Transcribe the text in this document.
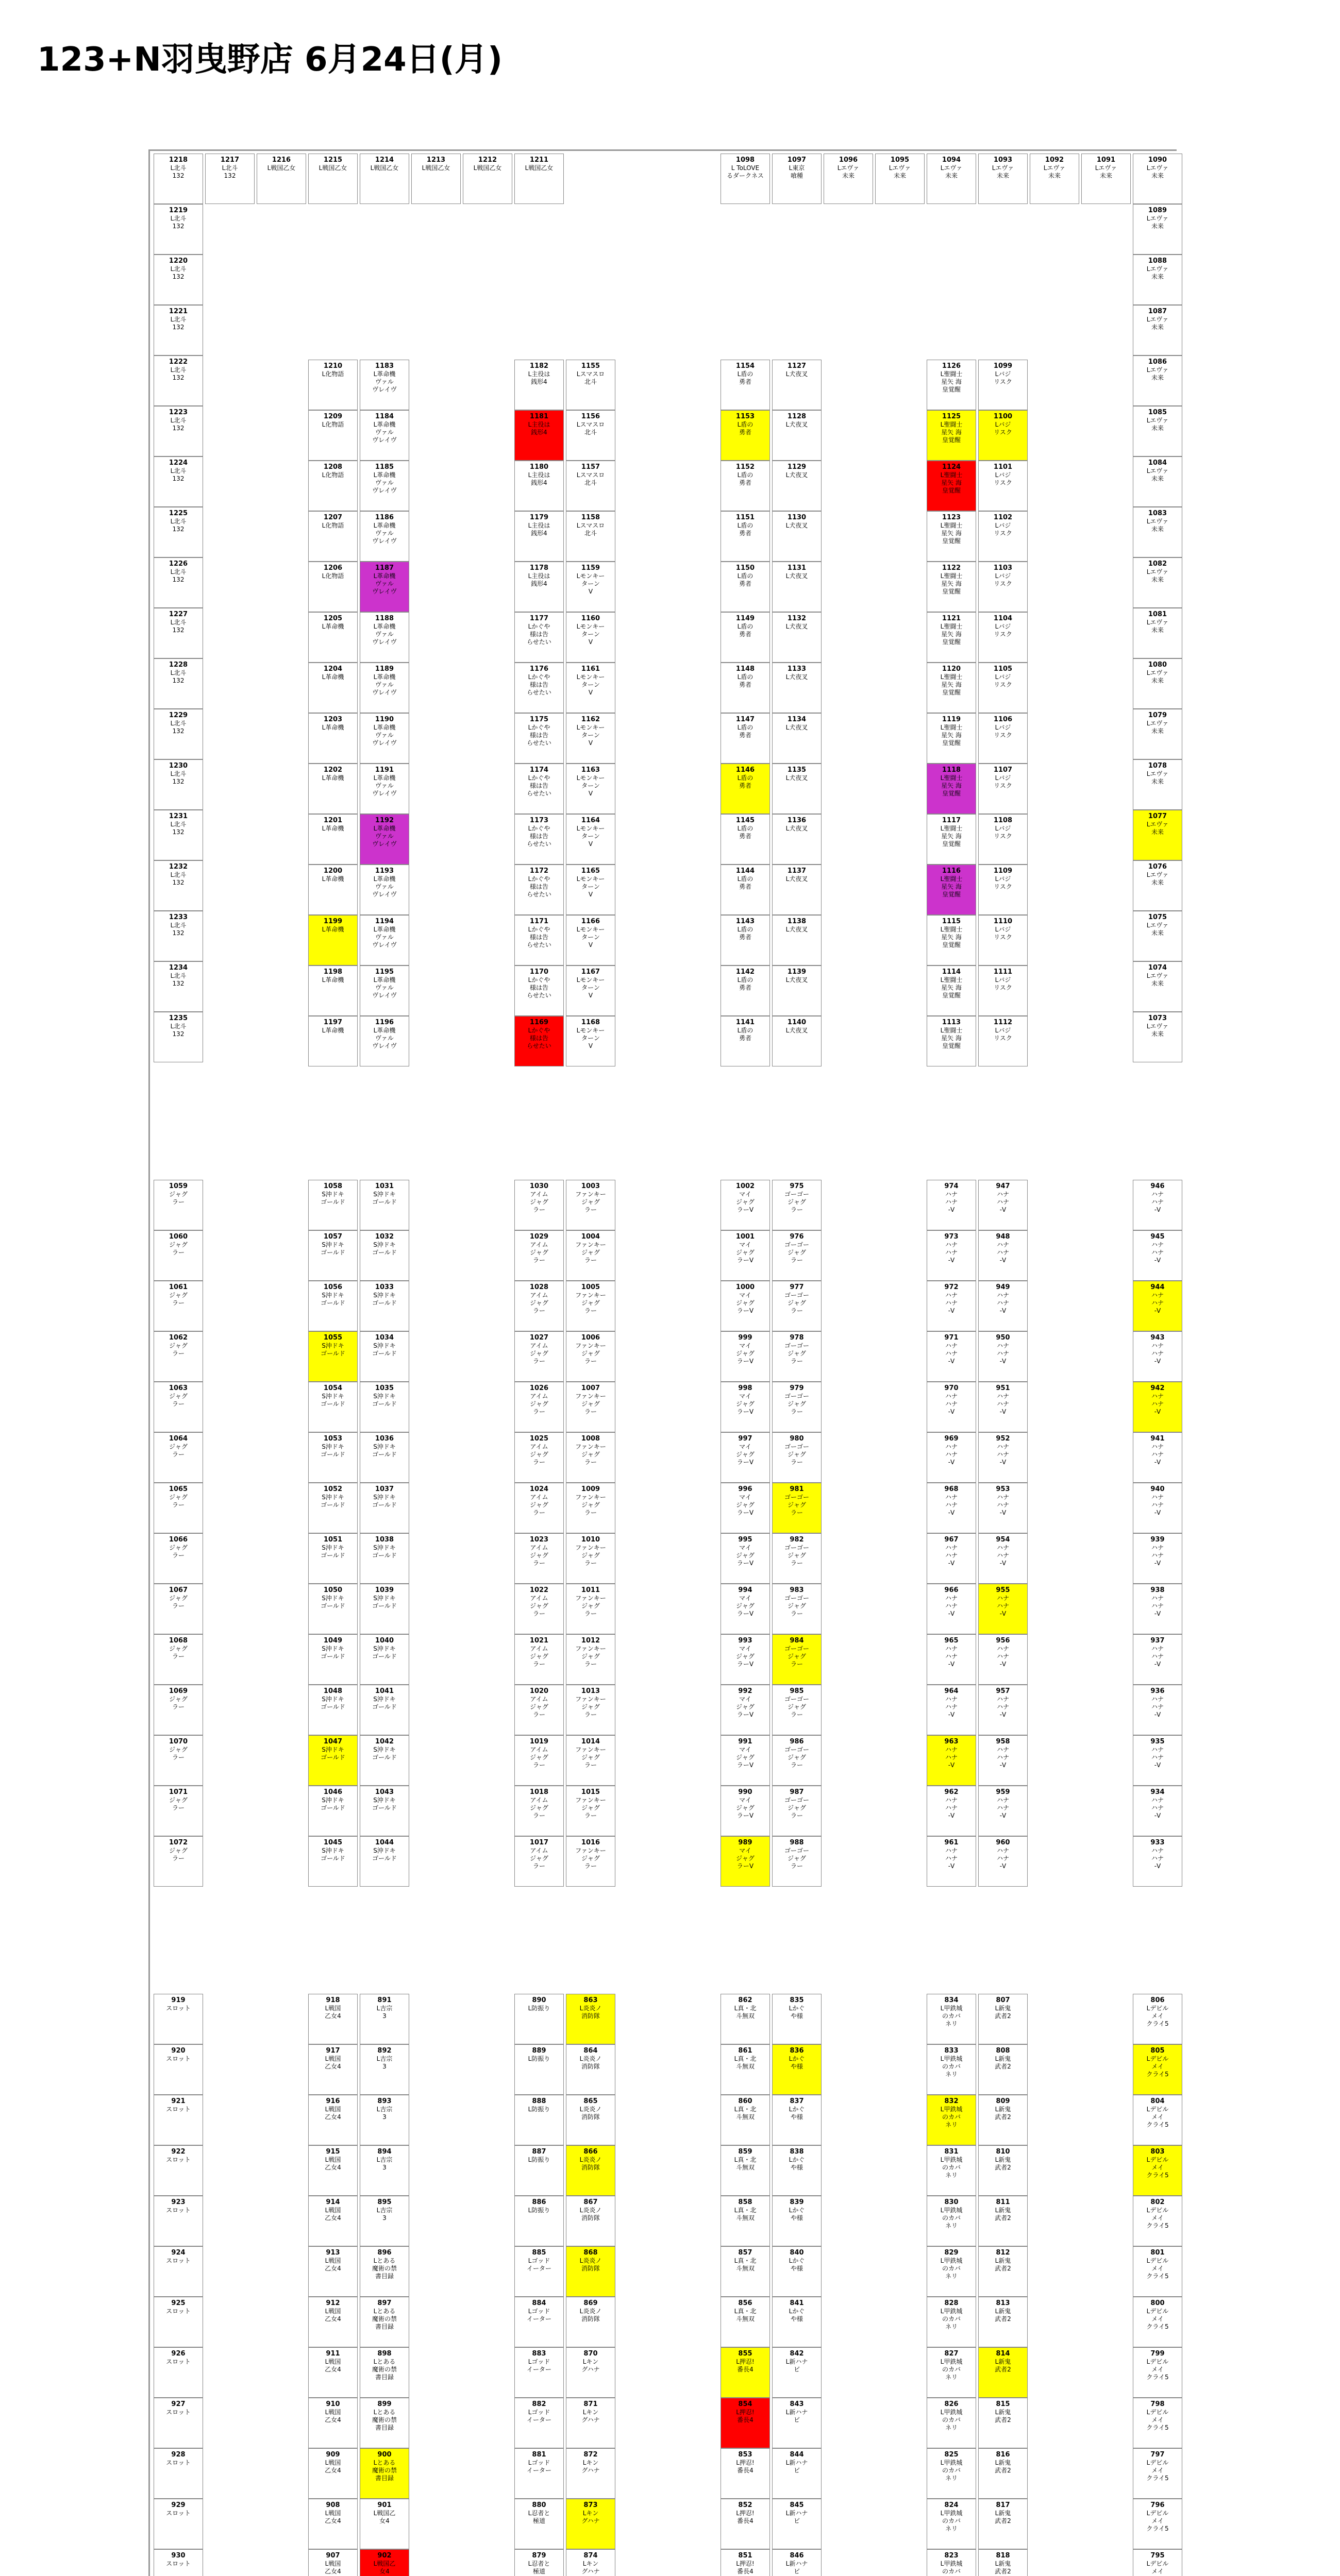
123+N羽曳野店 6月24日(月)
1218
L北斗
132
1219
L北斗
132
1220
L北斗
132
1221
L北斗
132
1222
L北斗
132
1223
L北斗
132
1224
L北斗
132
1225
L北斗
132
1226
L北斗
132
1227
L北斗
132
1228
L北斗
132
1229
L北斗
132
1230
L北斗
132
1231
L北斗
132
1232
L北斗
132
1233
L北斗
132
1234
L北斗
132
1235
L北斗
132
1217
L北斗
132
1216
L戦国乙女
1215
L戦国乙女
1210
L化物語
1209
L化物語
1208
L化物語
1207
L化物語
1206
L化物語
1205
L革命機
1204
L革命機
1203
L革命機
1202
L革命機
1201
L革命機
1200
L革命機
1199
L革命機
1198
L革命機
1197
L革命機
1214
L戦国乙女
1183
L革命機
ヴァル
ヴレイヴ
1184
L革命機
ヴァル
ヴレイヴ
1185
L革命機
ヴァル
ヴレイヴ
1186
L革命機
ヴァル
ヴレイヴ
1187
L革命機
ヴァル
ヴレイヴ
1188
L革命機
ヴァル
ヴレイヴ
1189
L革命機
ヴァル
ヴレイヴ
1190
L革命機
ヴァル
ヴレイヴ
1191
L革命機
ヴァル
ヴレイヴ
1192
L革命機
ヴァル
ヴレイヴ
1193
L革命機
ヴァル
ヴレイヴ
1194
L革命機
ヴァル
ヴレイヴ
1195
L革命機
ヴァル
ヴレイヴ
1196
L革命機
ヴァル
ヴレイヴ
1213
L戦国乙女
1212
L戦国乙女
1211
L戦国乙女
1182
L主役は
銭形4
1181
L主役は
銭形4
1180
L主役は
銭形4
1179
L主役は
銭形4
1178
L主役は
銭形4
1177
Lかぐや
様は告
らせたい
1176
Lかぐや
様は告
らせたい
1175
Lかぐや
様は告
らせたい
1174
Lかぐや
様は告
らせたい
1173
Lかぐや
様は告
らせたい
1172
Lかぐや
様は告
らせたい
1171
Lかぐや
様は告
らせたい
1170
Lかぐや
様は告
らせたい
1169
Lかぐや
様は告
らせたい
1155
Lスマスロ
北斗
1156
Lスマスロ
北斗
1157
Lスマスロ
北斗
1158
Lスマスロ
北斗
1159
Lモンキー
ターン
V
1160
Lモンキー
ターン
V
1161
Lモンキー
ターン
V
1162
Lモンキー
ターン
V
1163
Lモンキー
ターン
V
1164
Lモンキー
ターン
V
1165
Lモンキー
ターン
V
1166
Lモンキー
ターン
V
1167
Lモンキー
ターン
V
1168
Lモンキー
ターン
V
1098
L ToLOVE
るダークネス
1154
L盾の
勇者
1153
L盾の
勇者
1152
L盾の
勇者
1151
L盾の
勇者
1150
L盾の
勇者
1149
L盾の
勇者
1148
L盾の
勇者
1147
L盾の
勇者
1146
L盾の
勇者
1145
L盾の
勇者
1144
L盾の
勇者
1143
L盾の
勇者
1142
L盾の
勇者
1141
L盾の
勇者
1097
L東京
喰種
1127
L犬夜叉
1128
L犬夜叉
1129
L犬夜叉
1130
L犬夜叉
1131
L犬夜叉
1132
L犬夜叉
1133
L犬夜叉
1134
L犬夜叉
1135
L犬夜叉
1136
L犬夜叉
1137
L犬夜叉
1138
L犬夜叉
1139
L犬夜叉
1140
L犬夜叉
1096
Lエヴァ
未来
1095
Lエヴァ
未来
1094
Lエヴァ
未来
1126
L聖闘士
星矢 海
皇覚醒
1125
L聖闘士
星矢 海
皇覚醒
1124
L聖闘士
星矢 海
皇覚醒
1123
L聖闘士
星矢 海
皇覚醒
1122
L聖闘士
星矢 海
皇覚醒
1121
L聖闘士
星矢 海
皇覚醒
1120
L聖闘士
星矢 海
皇覚醒
1119
L聖闘士
星矢 海
皇覚醒
1118
L聖闘士
星矢 海
皇覚醒
1117
L聖闘士
星矢 海
皇覚醒
1116
L聖闘士
星矢 海
皇覚醒
1115
L聖闘士
星矢 海
皇覚醒
1114
L聖闘士
星矢 海
皇覚醒
1113
L聖闘士
星矢 海
皇覚醒
1093
Lエヴァ
未来
1099
Lバジ
リスク
1100
Lバジ
リスク
1101
Lバジ
リスク
1102
Lバジ
リスク
1103
Lバジ
リスク
1104
Lバジ
リスク
1105
Lバジ
リスク
1106
Lバジ
リスク
1107
Lバジ
リスク
1108
Lバジ
リスク
1109
Lバジ
リスク
1110
Lバジ
リスク
1111
Lバジ
リスク
1112
Lバジ
リスク
1092
Lエヴァ
未来
1091
Lエヴァ
未来
1090
Lエヴァ
未来
1089
Lエヴァ
未来
1088
Lエヴァ
未来
1087
Lエヴァ
未来
1086
Lエヴァ
未来
1085
Lエヴァ
未来
1084
Lエヴァ
未来
1083
Lエヴァ
未来
1082
Lエヴァ
未来
1081
Lエヴァ
未来
1080
Lエヴァ
未来
1079
Lエヴァ
未来
1078
Lエヴァ
未来
1077
Lエヴァ
未来
1076
Lエヴァ
未来
1075
Lエヴァ
未来
1074
Lエヴァ
未来
1073
Lエヴァ
未来
1059
ジャグ
ラー
1060
ジャグ
ラー
1061
ジャグ
ラー
1062
ジャグ
ラー
1063
ジャグ
ラー
1064
ジャグ
ラー
1065
ジャグ
ラー
1066
ジャグ
ラー
1067
ジャグ
ラー
1068
ジャグ
ラー
1069
ジャグ
ラー
1070
ジャグ
ラー
1071
ジャグ
ラー
1072
ジャグ
ラー
1058
S沖ドキ
ゴールド
1057
S沖ドキ
ゴールド
1056
S沖ドキ
ゴールド
1055
S沖ドキ
ゴールド
1054
S沖ドキ
ゴールド
1053
S沖ドキ
ゴールド
1052
S沖ドキ
ゴールド
1051
S沖ドキ
ゴールド
1050
S沖ドキ
ゴールド
1049
S沖ドキ
ゴールド
1048
S沖ドキ
ゴールド
1047
S沖ドキ
ゴールド
1046
S沖ドキ
ゴールド
1045
S沖ドキ
ゴールド
1031
S沖ドキ
ゴールド
1032
S沖ドキ
ゴールド
1033
S沖ドキ
ゴールド
1034
S沖ドキ
ゴールド
1035
S沖ドキ
ゴールド
1036
S沖ドキ
ゴールド
1037
S沖ドキ
ゴールド
1038
S沖ドキ
ゴールド
1039
S沖ドキ
ゴールド
1040
S沖ドキ
ゴールド
1041
S沖ドキ
ゴールド
1042
S沖ドキ
ゴールド
1043
S沖ドキ
ゴールド
1044
S沖ドキ
ゴールド
1030
アイム
ジャグ
ラー
1029
アイム
ジャグ
ラー
1028
アイム
ジャグ
ラー
1027
アイム
ジャグ
ラー
1026
アイム
ジャグ
ラー
1025
アイム
ジャグ
ラー
1024
アイム
ジャグ
ラー
1023
アイム
ジャグ
ラー
1022
アイム
ジャグ
ラー
1021
アイム
ジャグ
ラー
1020
アイム
ジャグ
ラー
1019
アイム
ジャグ
ラー
1018
アイム
ジャグ
ラー
1017
アイム
ジャグ
ラー
1003
ファンキー
ジャグ
ラー
1004
ファンキー
ジャグ
ラー
1005
ファンキー
ジャグ
ラー
1006
ファンキー
ジャグ
ラー
1007
ファンキー
ジャグ
ラー
1008
ファンキー
ジャグ
ラー
1009
ファンキー
ジャグ
ラー
1010
ファンキー
ジャグ
ラー
1011
ファンキー
ジャグ
ラー
1012
ファンキー
ジャグ
ラー
1013
ファンキー
ジャグ
ラー
1014
ファンキー
ジャグ
ラー
1015
ファンキー
ジャグ
ラー
1016
ファンキー
ジャグ
ラー
1002
マイ
ジャグ
ラーV
1001
マイ
ジャグ
ラーV
1000
マイ
ジャグ
ラーV
999
マイ
ジャグ
ラーV
998
マイ
ジャグ
ラーV
997
マイ
ジャグ
ラーV
996
マイ
ジャグ
ラーV
995
マイ
ジャグ
ラーV
994
マイ
ジャグ
ラーV
993
マイ
ジャグ
ラーV
992
マイ
ジャグ
ラーV
991
マイ
ジャグ
ラーV
990
マイ
ジャグ
ラーV
989
マイ
ジャグ
ラーV
975
ゴーゴー
ジャグ
ラー
976
ゴーゴー
ジャグ
ラー
977
ゴーゴー
ジャグ
ラー
978
ゴーゴー
ジャグ
ラー
979
ゴーゴー
ジャグ
ラー
980
ゴーゴー
ジャグ
ラー
981
ゴーゴー
ジャグ
ラー
982
ゴーゴー
ジャグ
ラー
983
ゴーゴー
ジャグ
ラー
984
ゴーゴー
ジャグ
ラー
985
ゴーゴー
ジャグ
ラー
986
ゴーゴー
ジャグ
ラー
987
ゴーゴー
ジャグ
ラー
988
ゴーゴー
ジャグ
ラー
974
ハナ
ハナ
-V
973
ハナ
ハナ
-V
972
ハナ
ハナ
-V
971
ハナ
ハナ
-V
970
ハナ
ハナ
-V
969
ハナ
ハナ
-V
968
ハナ
ハナ
-V
967
ハナ
ハナ
-V
966
ハナ
ハナ
-V
965
ハナ
ハナ
-V
964
ハナ
ハナ
-V
963
ハナ
ハナ
-V
962
ハナ
ハナ
-V
961
ハナ
ハナ
-V
947
ハナ
ハナ
-V
948
ハナ
ハナ
-V
949
ハナ
ハナ
-V
950
ハナ
ハナ
-V
951
ハナ
ハナ
-V
952
ハナ
ハナ
-V
953
ハナ
ハナ
-V
954
ハナ
ハナ
-V
955
ハナ
ハナ
-V
956
ハナ
ハナ
-V
957
ハナ
ハナ
-V
958
ハナ
ハナ
-V
959
ハナ
ハナ
-V
960
ハナ
ハナ
-V
946
ハナ
ハナ
-V
945
ハナ
ハナ
-V
944
ハナ
ハナ
-V
943
ハナ
ハナ
-V
942
ハナ
ハナ
-V
941
ハナ
ハナ
-V
940
ハナ
ハナ
-V
939
ハナ
ハナ
-V
938
ハナ
ハナ
-V
937
ハナ
ハナ
-V
936
ハナ
ハナ
-V
935
ハナ
ハナ
-V
934
ハナ
ハナ
-V
933
ハナ
ハナ
-V
919
スロット
920
スロット
921
スロット
922
スロット
923
スロット
924
スロット
925
スロット
926
スロット
927
スロット
928
スロット
929
スロット
930
スロット
918
L戦国
乙女4
917
L戦国
乙女4
916
L戦国
乙女4
915
L戦国
乙女4
914
L戦国
乙女4
913
L戦国
乙女4
912
L戦国
乙女4
911
L戦国
乙女4
910
L戦国
乙女4
909
L戦国
乙女4
908
L戦国
乙女4
907
L戦国
乙女4
891
L吉宗
3
892
L吉宗
3
893
L吉宗
3
894
L吉宗
3
895
L吉宗
3
896
Lとある
魔術の禁
書目録
897
Lとある
魔術の禁
書目録
898
Lとある
魔術の禁
書目録
899
Lとある
魔術の禁
書目録
900
Lとある
魔術の禁
書目録
901
L戦国乙
女4
902
L戦国乙
女4
890
L防振り
889
L防振り
888
L防振り
887
L防振り
886
L防振り
885
Lゴッド
イーター
884
Lゴッド
イーター
883
Lゴッド
イーター
882
Lゴッド
イーター
881
Lゴッド
イーター
880
L忍者と
極道
879
L忍者と
極道
863
L炎炎ノ
消防隊
864
L炎炎ノ
消防隊
865
L炎炎ノ
消防隊
866
L炎炎ノ
消防隊
867
L炎炎ノ
消防隊
868
L炎炎ノ
消防隊
869
L炎炎ノ
消防隊
870
Lキン
グハナ
871
Lキン
グハナ
872
Lキン
グハナ
873
Lキン
グハナ
874
Lキン
グハナ
862
L真・北
斗無双
861
L真・北
斗無双
860
L真・北
斗無双
859
L真・北
斗無双
858
L真・北
斗無双
857
L真・北
斗無双
856
L真・北
斗無双
855
L押忍!
番長4
854
L押忍!
番長4
853
L押忍!
番長4
852
L押忍!
番長4
851
L押忍!
番長4
835
Lかぐ
や様
836
Lかぐ
や様
837
Lかぐ
や様
838
Lかぐ
や様
839
Lかぐ
や様
840
Lかぐ
や様
841
Lかぐ
や様
842
L新ハナ
ビ
843
L新ハナ
ビ
844
L新ハナ
ビ
845
L新ハナ
ビ
846
L新ハナ
ビ
834
L甲鉄城
のカバ
ネリ
833
L甲鉄城
のカバ
ネリ
832
L甲鉄城
のカバ
ネリ
831
L甲鉄城
のカバ
ネリ
830
L甲鉄城
のカバ
ネリ
829
L甲鉄城
のカバ
ネリ
828
L甲鉄城
のカバ
ネリ
827
L甲鉄城
のカバ
ネリ
826
L甲鉄城
のカバ
ネリ
825
L甲鉄城
のカバ
ネリ
824
L甲鉄城
のカバ
ネリ
823
L甲鉄城
のカバ

807
L新鬼
武者2
808
L新鬼
武者2
809
L新鬼
武者2
810
L新鬼
武者2
811
L新鬼
武者2
812
L新鬼
武者2
813
L新鬼
武者2
814
L新鬼
武者2
815
L新鬼
武者2
816
L新鬼
武者2
817
L新鬼
武者2
818
L新鬼
武者2
806
Lデビル
メイ
クライ5
805
Lデビル
メイ
クライ5
804
Lデビル
メイ
クライ5
803
Lデビル
メイ
クライ5
802
Lデビル
メイ
クライ5
801
Lデビル
メイ
クライ5
800
Lデビル
メイ
クライ5
799
Lデビル
メイ
クライ5
798
Lデビル
メイ
クライ5
797
Lデビル
メイ
クライ5
796
Lデビル
メイ
クライ5
795
Lデビル
メイ
